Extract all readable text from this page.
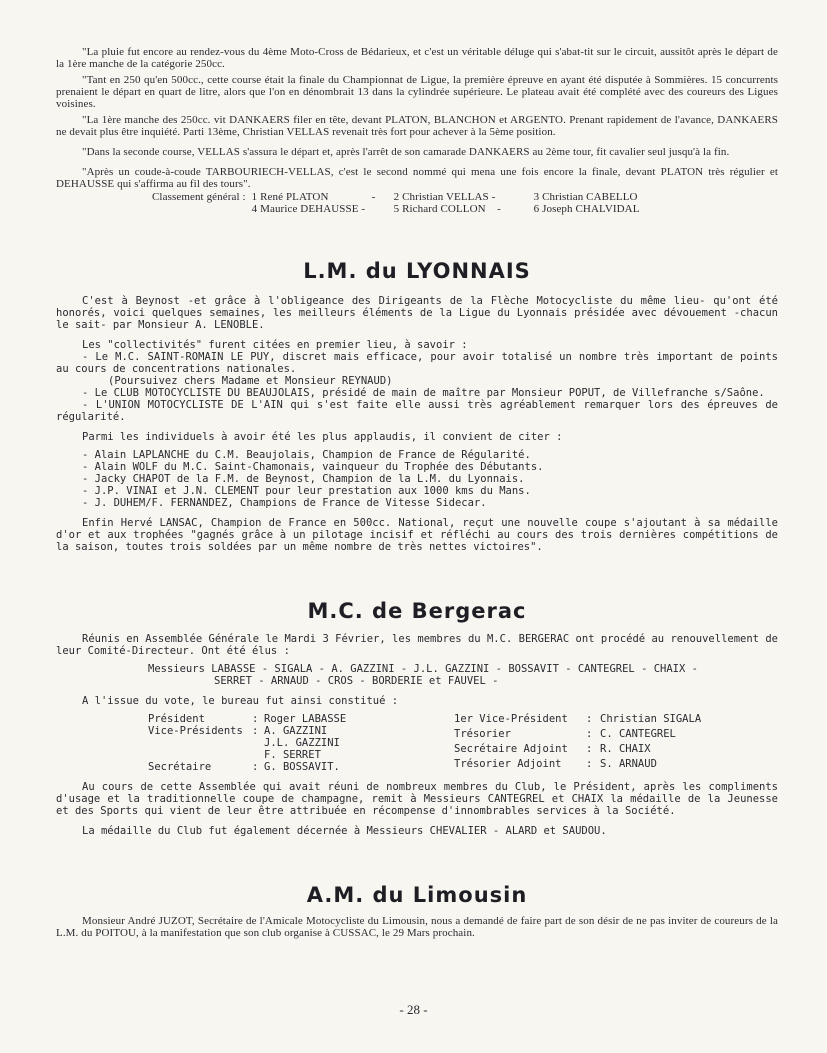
"La pluie fut encore au rendez-vous du 4ème Moto-Cross de Bédarieux, et c'est un véritable déluge qui s'abat-tit sur le circuit, aussitôt après le départ de la 1ère manche de la catégorie 250cc.

"Tant en 250 qu'en 500cc., cette course était la finale du Championnat de Ligue, la première épreuve en ayant été disputée à Sommières. 15 concurrents prenaient le départ en quart de litre, alors que l'on en dénombrait 13 dans la cylindrée supérieure. Le plateau avait été complété avec des coureurs des Ligues voisines.

"La 1ère manche des 250cc. vit DANKAERS filer en tête, devant PLATON, BLANCHON et ARGENTO. Prenant rapidement de l'avance, DANKAERS ne devait plus être inquiété. Parti 13ème, Christian VELLAS revenait très fort pour achever à la 5ème position.

"Dans la seconde course, VELLAS s'assura le départ et, après l'arrêt de son camarade DANKAERS au 2ème tour, fit cavalier seul jusqu'à la fin.

"Après un coude-à-coude TARBOURIECH-VELLAS, c'est le second nommé qui mena une fois encore la finale, devant PLATON très régulier et DEHAUSSE qui s'affirma au fil des tours".

Classement général :	1 René PLATON	-	2 Christian VELLAS -	3 Christian CABELLO
	4 Maurice DEHAUSSE -		5 Richard COLLON -	6 Joseph CHALVIDAL
L.M. du LYONNAIS

C'est à Beynost -et grâce à l'obligeance des Dirigeants de la Flèche Motocycliste du même lieu- qu'ont été honorés, voici quelques semaines, les meilleurs éléments de la Ligue du Lyonnais présidée avec dévouement -chacun le sait- par Monsieur A. LENOBLE.

Les "collectivités" furent citées en premier lieu, à savoir :

- Le M.C. SAINT-ROMAIN LE PUY, discret mais efficace, pour avoir totalisé un nombre très important de points au cours de concentrations nationales.

(Poursuivez chers Madame et Monsieur REYNAUD)

- Le CLUB MOTOCYCLISTE DU BEAUJOLAIS, présidé de main de maître par Monsieur POPUT, de Villefranche s/Saône.

- L'UNION MOTOCYCLISTE DE L'AIN qui s'est faite elle aussi très agréablement remarquer lors des épreuves de régularité.

Parmi les individuels à avoir été les plus applaudis, il convient de citer :

- Alain LAPLANCHE du C.M. Beaujolais, Champion de France de Régularité.

- Alain WOLF du M.C. Saint-Chamonais, vainqueur du Trophée des Débutants.

- Jacky CHAPOT de la F.M. de Beynost, Champion de la L.M. du Lyonnais.

- J.P. VINAI et J.N. CLEMENT pour leur prestation aux 1000 kms du Mans.

- J. DUHEM/F. FERNANDEZ, Champions de France de Vitesse Sidecar.

Enfin Hervé LANSAC, Champion de France en 500cc. National, reçut une nouvelle coupe s'ajoutant à sa médaille d'or et aux trophées "gagnés grâce à un pilotage incisif et réfléchi au cours des trois dernières compétitions de la saison, toutes trois soldées par un même nombre de très nettes victoires".

M.C. de Bergerac

Réunis en Assemblée Générale le Mardi 3 Février, les membres du M.C. BERGERAC ont procédé au renouvellement de leur Comité-Directeur. Ont été élus :

Messieurs LABASSE - SIGALA - A. GAZZINI - J.L. GAZZINI - BOSSAVIT - CANTEGREL - CHAIX -

SERRET - ARNAUD - CROS - BORDERIE et FAUVEL -

A l'issue du vote, le bureau fut ainsi constitué :

Président	:	Roger LABASSE
Vice-Présidents	:	A. GAZZINI
		J.L. GAZZINI
		F. SERRET
Secrétaire	:	G. BOSSAVIT.
1er Vice-Président	:	Christian SIGALA
Trésorier	:	C. CANTEGREL
Secrétaire Adjoint	:	R. CHAIX
Trésorier Adjoint	:	S. ARNAUD

Au cours de cette Assemblée qui avait réuni de nombreux membres du Club, le Président, après les compliments d'usage et la traditionnelle coupe de champagne, remit à Messieurs CANTEGREL et CHAIX la médaille de la Jeunesse et des Sports qui vient de leur être attribuée en récompense d'innombrables services à la Société.

La médaille du Club fut également décernée à Messieurs CHEVALIER - ALARD et SAUDOU.

A.M. du Limousin

Monsieur André JUZOT, Secrétaire de l'Amicale Motocycliste du Limousin, nous a demandé de faire part de son désir de ne pas inviter de coureurs de la L.M. du POITOU, à la manifestation que son club organise à CUSSAC, le 29 Mars prochain.

- 28 -
